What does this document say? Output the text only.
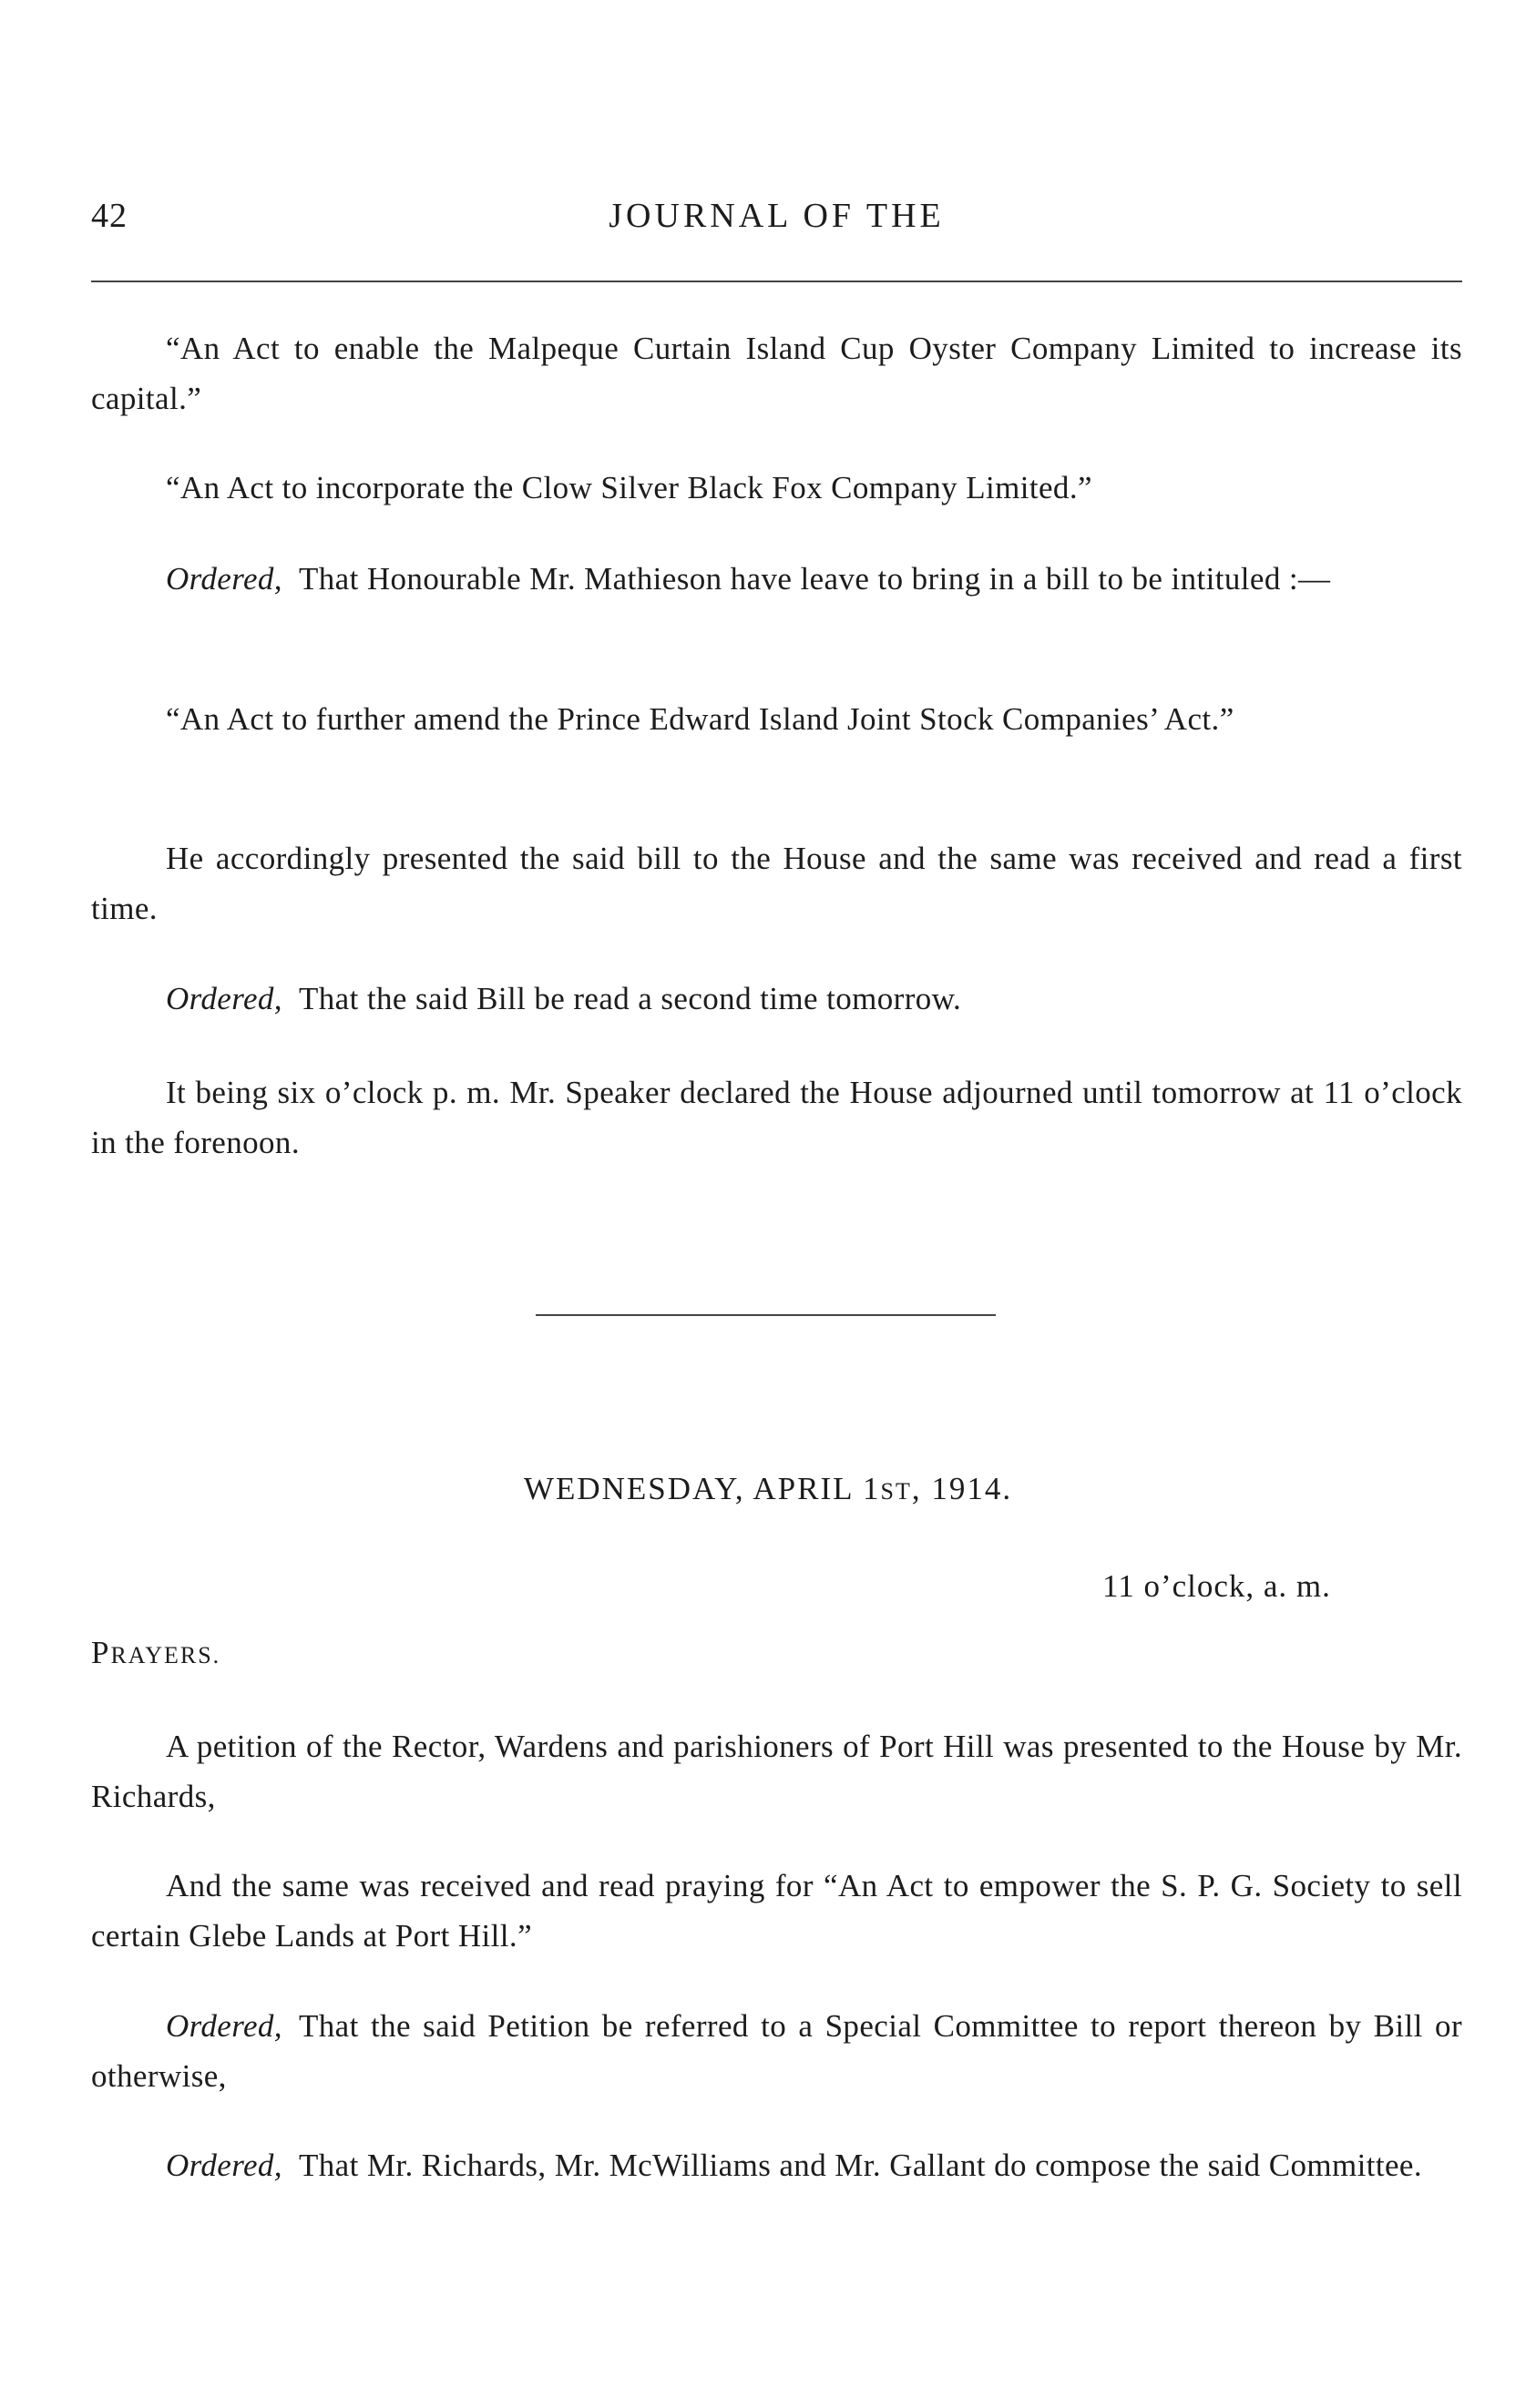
42	JOURNAL OF THE

“An Act to enable the Malpeque Curtain Island Cup Oyster Company Limited to increase its capital.”

“An Act to incorporate the Clow Silver Black Fox Company Limited.”

Ordered, That Honourable Mr. Mathieson have leave to bring in a bill to be intituled :—

“An Act to further amend the Prince Edward Island Joint Stock Companies’ Act.”

He accordingly presented the said bill to the House and the same was received and read a first time.

Ordered, That the said Bill be read a second time tomorrow.

It being six o’clock p. m. Mr. Speaker declared the House adjourned until tomorrow at 11 o’clock in the forenoon.

WEDNESDAY, APRIL 1ST, 1914.
11 o’clock, a. m.
PRAYERS.

A petition of the Rector, Wardens and parishioners of Port Hill was presented to the House by Mr. Richards,

And the same was received and read praying for “An Act to empower the S. P. G. Society to sell certain Glebe Lands at Port Hill.”

Ordered, That the said Petition be referred to a Special Committee to report thereon by Bill or otherwise,

Ordered, That Mr. Richards, Mr. McWilliams and Mr. Gallant do compose the said Committee.
